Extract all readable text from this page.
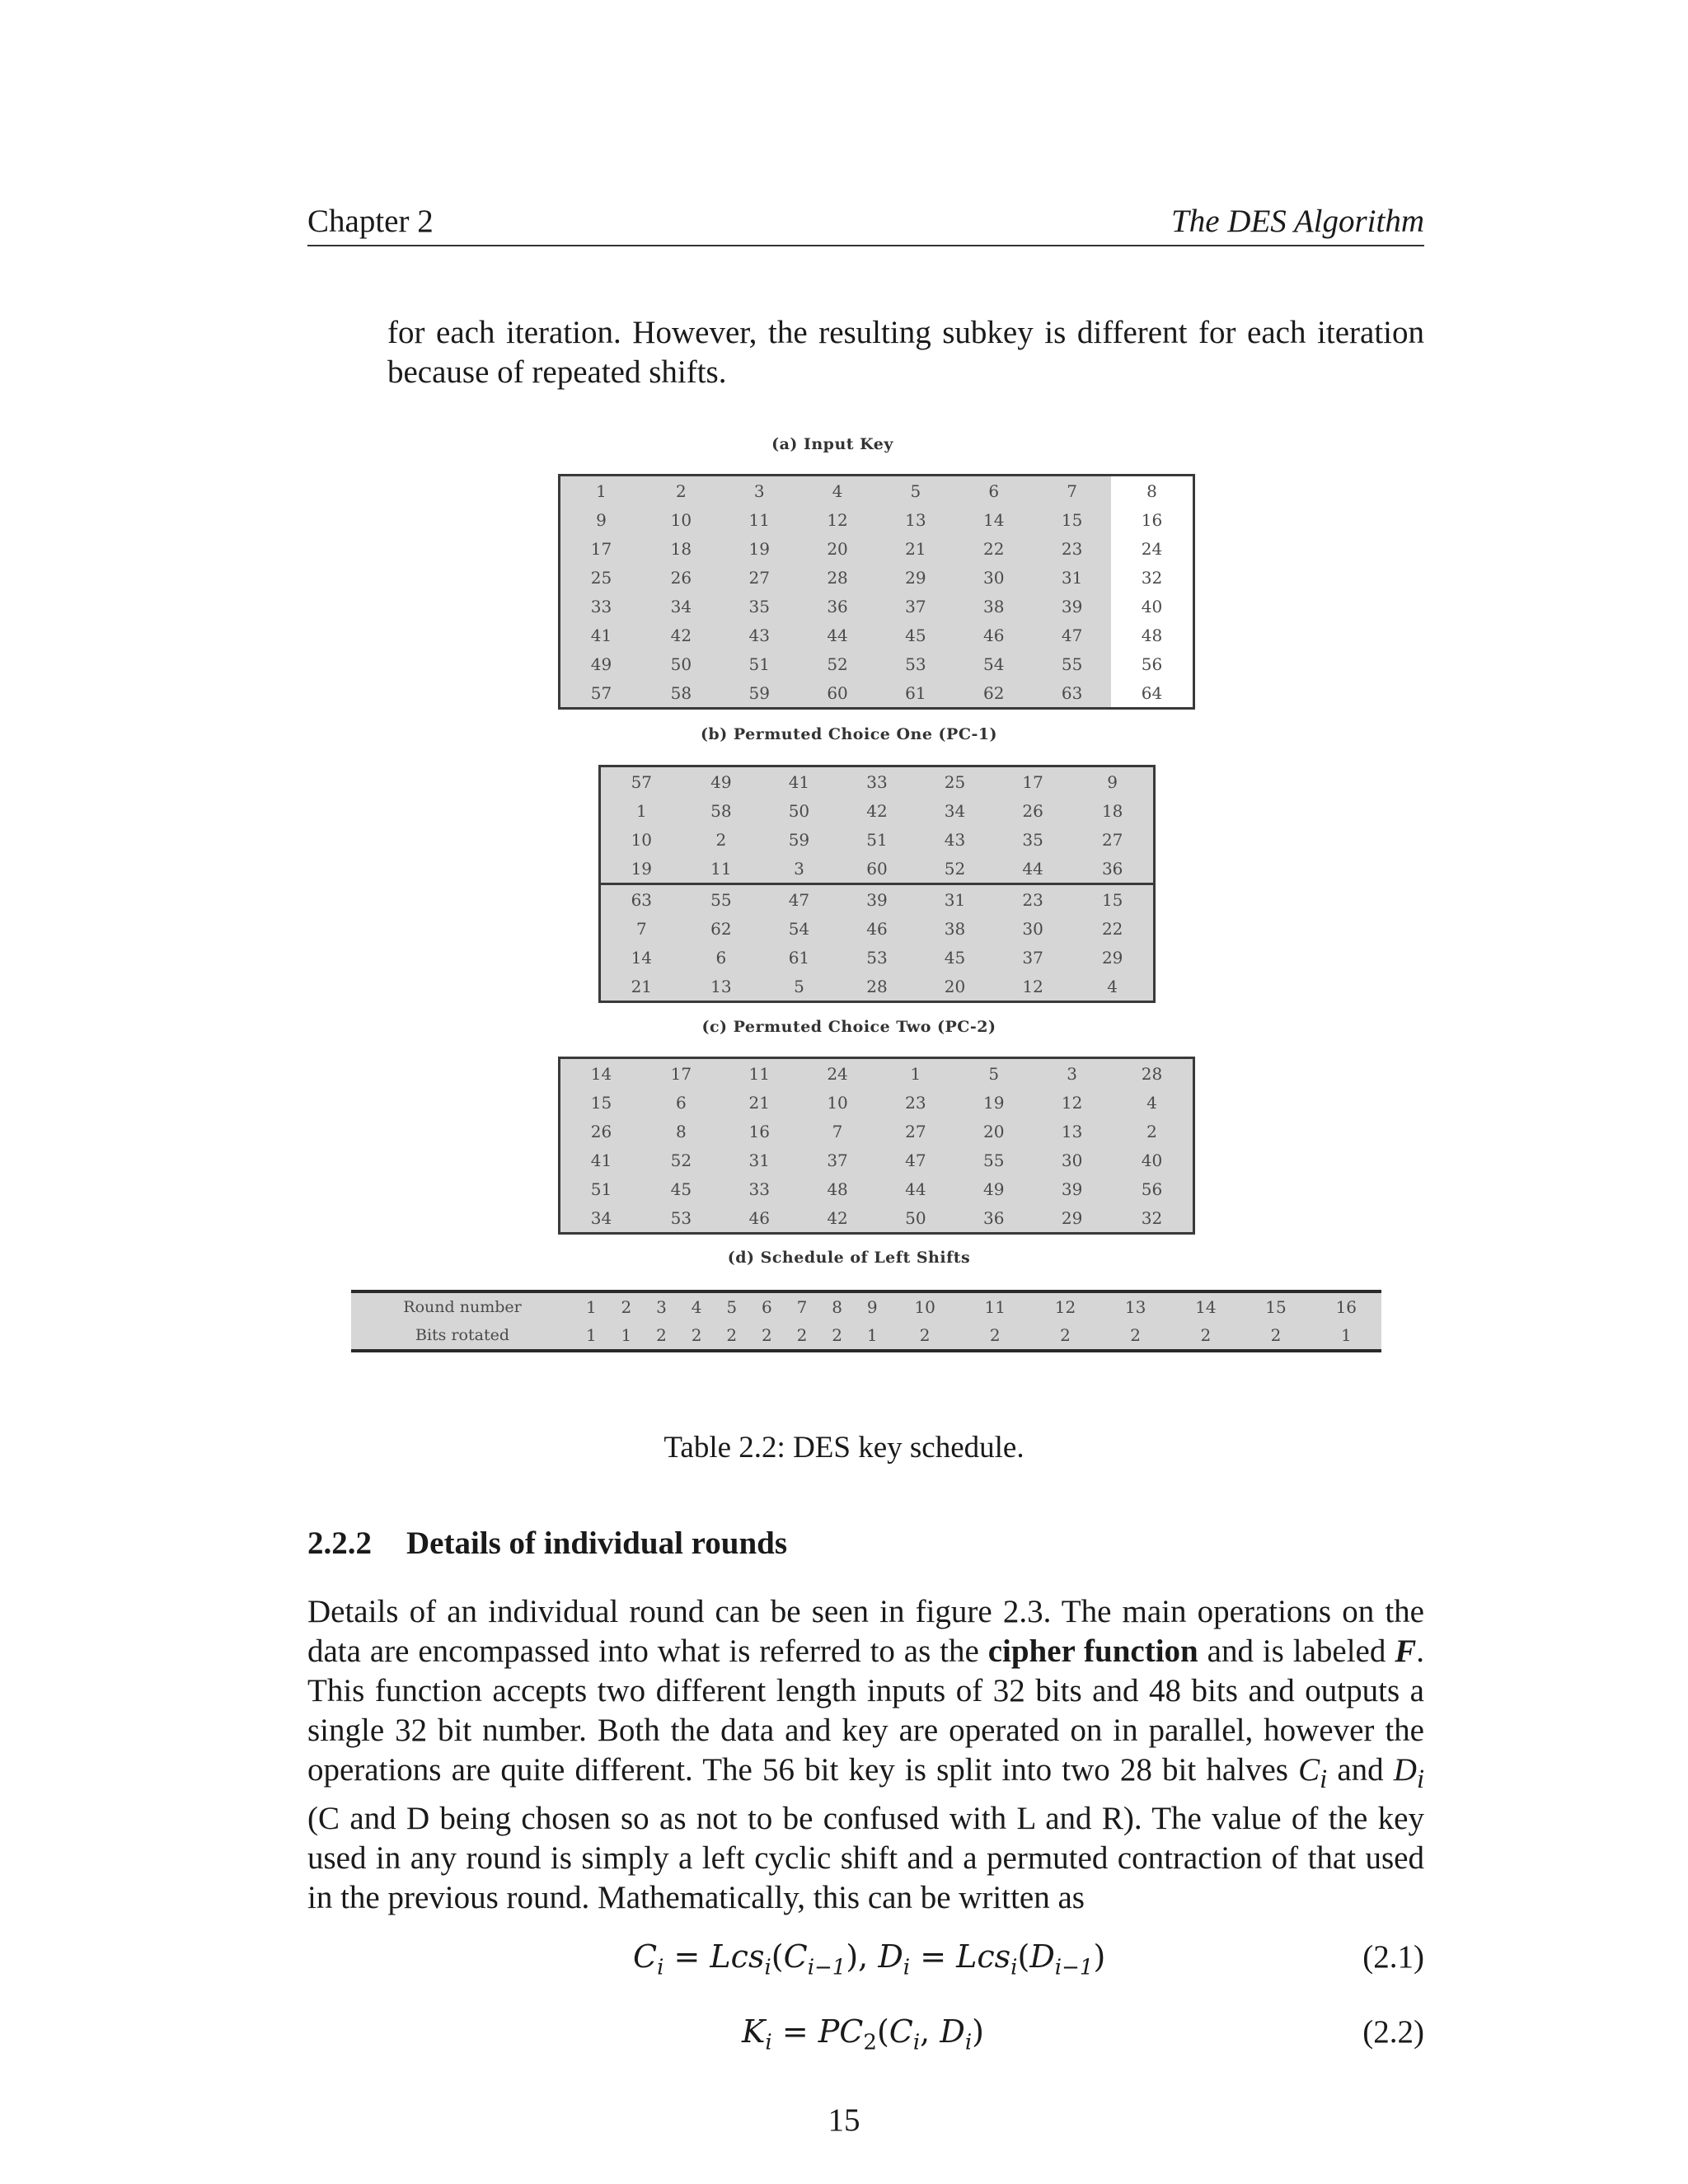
Chapter 2	The DES Algorithm
for each iteration. However, the resulting subkey is different for each iteration because of repeated shifts.
(a) Input Key
1	2	3	4	5	6	7	8
9	10	11	12	13	14	15	16
17	18	19	20	21	22	23	24
25	26	27	28	29	30	31	32
33	34	35	36	37	38	39	40
41	42	43	44	45	46	47	48
49	50	51	52	53	54	55	56
57	58	59	60	61	62	63	64
(b) Permuted Choice One (PC-1)
57	49	41	33	25	17	9
1	58	50	42	34	26	18
10	2	59	51	43	35	27
19	11	3	60	52	44	36
63	55	47	39	31	23	15
7	62	54	46	38	30	22
14	6	61	53	45	37	29
21	13	5	28	20	12	4
(c) Permuted Choice Two (PC-2)
14	17	11	24	1	5	3	28
15	6	21	10	23	19	12	4
26	8	16	7	27	20	13	2
41	52	31	37	47	55	30	40
51	45	33	48	44	49	39	56
34	53	46	42	50	36	29	32
(d) Schedule of Left Shifts
Round number	1	2	3	4	5	6	7	8	9	10	11	12	13	14	15	16
Bits rotated	1	1	2	2	2	2	2	2	1	2	2	2	2	2	2	1
Table 2.2: DES key schedule.
2.2.2 Details of individual rounds
Details of an individual round can be seen in figure 2.3. The main operations on the data are encompassed into what is referred to as the cipher function and is labeled F. This function accepts two different length inputs of 32 bits and 48 bits and outputs a single 32 bit number. Both the data and key are operated on in parallel, however the operations are quite different. The 56 bit key is split into two 28 bit halves $C_i$ and $D_i$ (C and D being chosen so as not to be confused with L and R). The value of the key used in any round is simply a left cyclic shift and a permuted contraction of that used in the previous round. Mathematically, this can be written as
$C_i = Lcs_i(C_{i-1})$, $D_i = Lcs_i(D_{i-1})$	(2.1)
$K_i = PC_2(C_i$, $D_i$)	(2.2)
15
